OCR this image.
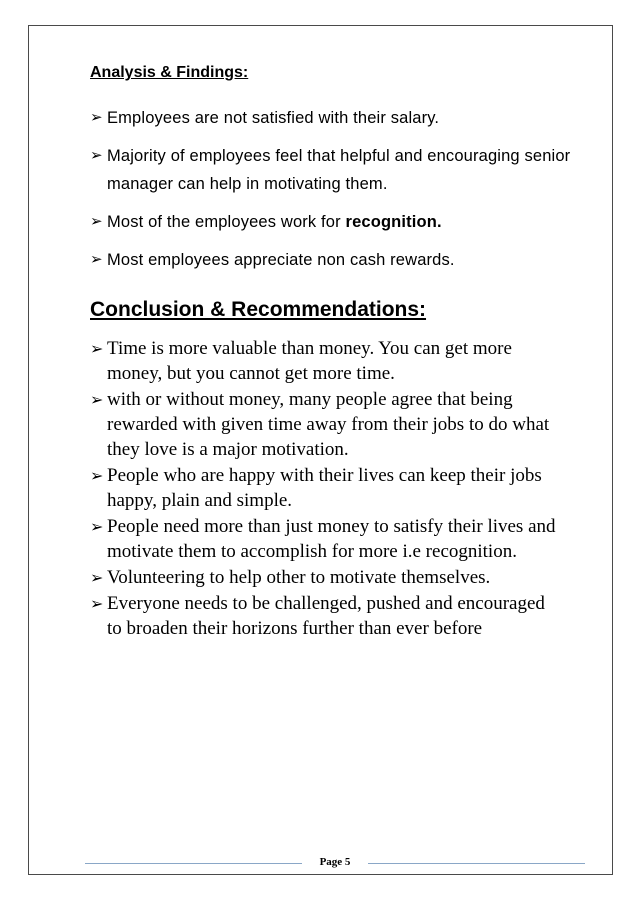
Analysis & Findings:
➢ Employees are not satisfied with their salary.
➢ Majority of employees feel that helpful and encouraging senior manager can help in motivating them.
➢ Most of the employees work for recognition.
➢ Most employees appreciate non cash rewards.
Conclusion & Recommendations:
➢ Time is more valuable than money. You can get more money, but you cannot get more time.
➢ with or without money, many people agree that being rewarded with given time away from their jobs to do what they love is a major motivation.
➢ People who are happy with their lives can keep their jobs happy, plain and simple.
➢ People need more than just money to satisfy their lives and motivate them to accomplish for more i.e recognition.
➢ Volunteering to help other to motivate themselves.
➢ Everyone needs to be challenged, pushed and encouraged to broaden their horizons further than ever before
Page 5
